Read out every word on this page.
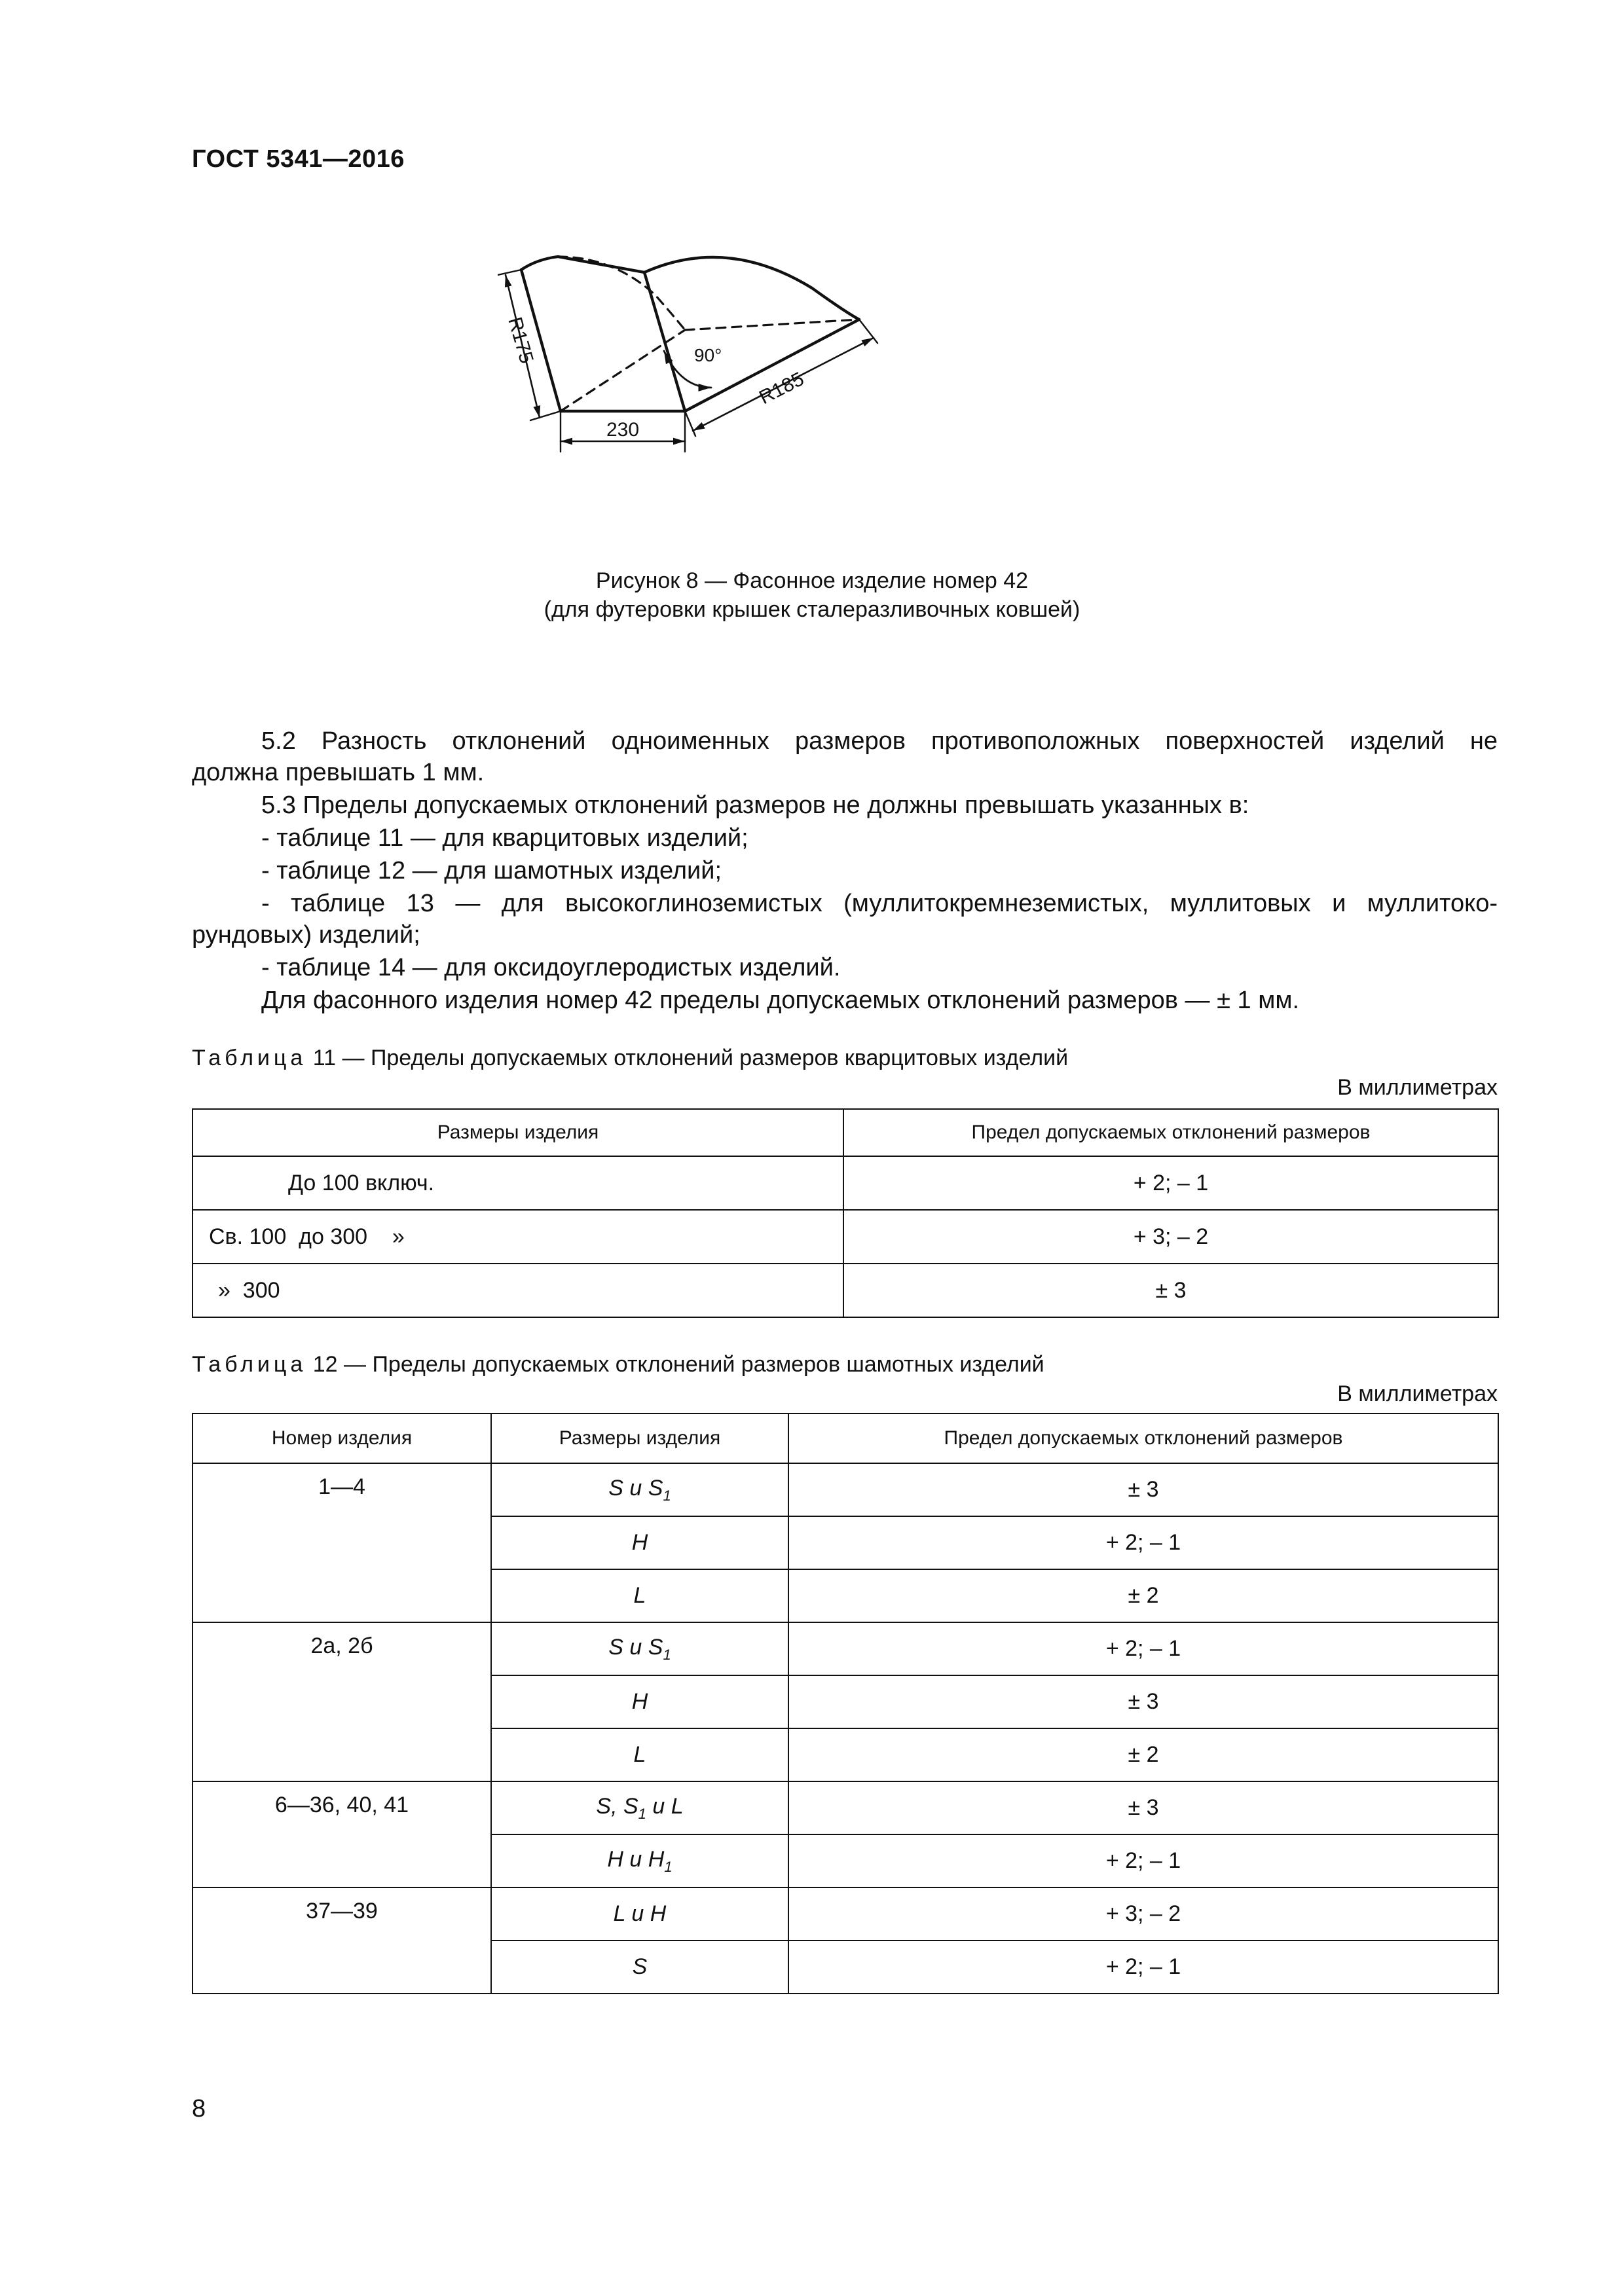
ГОСТ 5341—2016
R175
230
R185
90°
Рисунок 8 — Фасонное изделие номер 42
(для футеровки крышек сталеразливочных ковшей)
5.2 Разность отклонений одноименных размеров противоположных поверхностей изделий не
должна превышать 1 мм.
5.3 Пределы допускаемых отклонений размеров не должны превышать указанных в:
- таблице 11 — для кварцитовых изделий;
- таблице 12 — для шамотных изделий;
- таблице 13 — для высокоглиноземистых (муллитокремнеземистых, муллитовых и муллитоко-
рундовых) изделий;
- таблице 14 — для оксидоуглеродистых изделий.
Для фасонного изделия номер 42 пределы допускаемых отклонений размеров — ± 1 мм.
Таблица 11 — Пределы допускаемых отклонений размеров кварцитовых изделий
В миллиметрах
Размеры изделия	Предел допускаемых отклонений размеров
До 100 включ.	+ 2; – 1
Св. 100  до 300    »	+ 3; – 2
»  300	± 3
Таблица 12 — Пределы допускаемых отклонений размеров шамотных изделий
В миллиметрах
Номер изделия	Размеры изделия	Предел допускаемых отклонений размеров
1—4	S и $S_1$	± 3
	H	+ 2; – 1
	L	± 2
2а, 2б	S и $S_1$	+ 2; – 1
	H	± 3
	L	± 2
6—36, 40, 41	S, $S_1$ и L	± 3
	H и $H_1$	+ 2; – 1
37—39	L и H	+ 3; – 2
	S	+ 2; – 1
8
